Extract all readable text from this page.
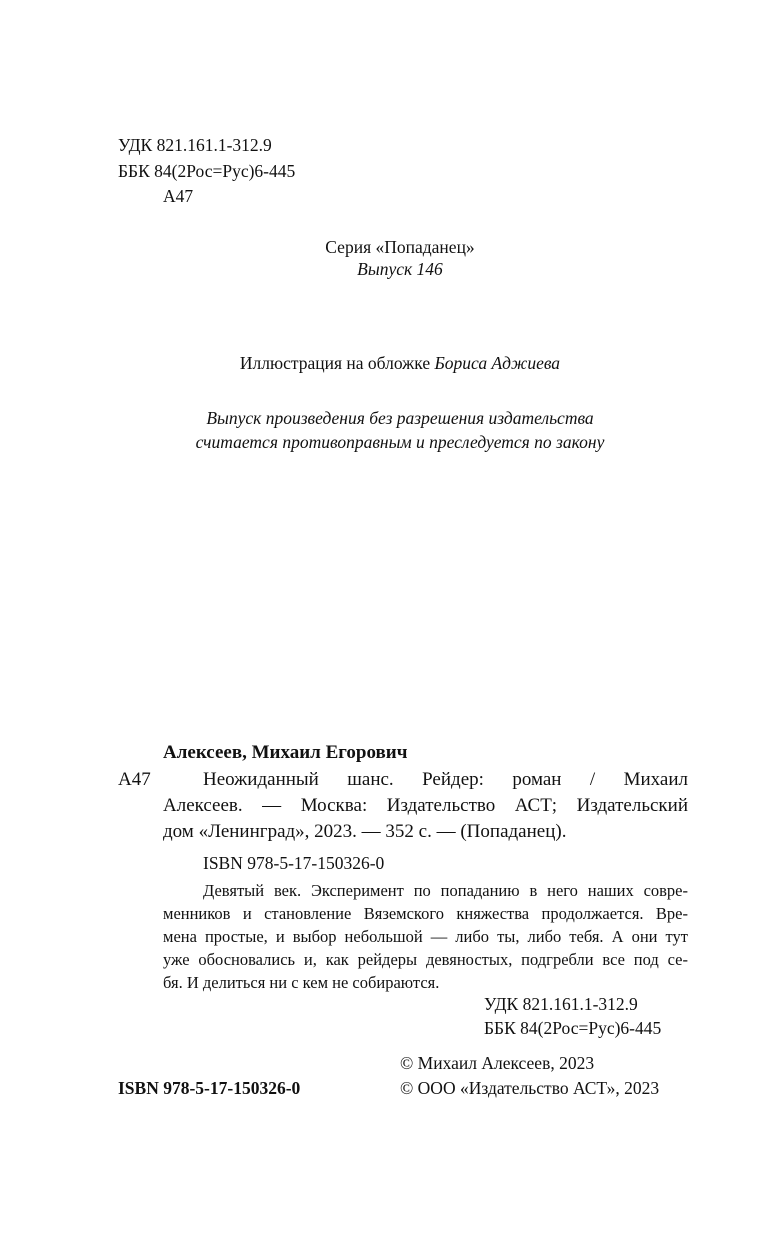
УДК 821.161.1-312.9
ББК 84(2Рос=Рус)6-445
А47
Серия «Попаданец»
Выпуск 146
Иллюстрация на обложке Бориса Аджиева
Выпуск произведения без разрешения издательства
считается противоправным и преследуется по закону
Алексеев, Михаил Егорович
А47	Неожиданный шанс. Рейдер: роман / Михаил
Алексеев. — Москва: Издательство АСТ; Издательский
дом «Ленинград», 2023. — 352 с. — (Попаданец).
ISBN 978-5-17-150326-0
Девятый век. Эксперимент по попаданию в него наших совре-
менников и становление Вяземского княжества продолжается. Вре-
мена простые, и выбор небольшой — либо ты, либо тебя. А они тут
уже обосновались и, как рейдеры девяностых, подгребли все под се-
бя. И делиться ни с кем не собираются.
УДК 821.161.1-312.9
ББК 84(2Рос=Рус)6-445
© Михаил Алексеев, 2023
ISBN 978-5-17-150326-0	© ООО «Издательство АСТ», 2023
